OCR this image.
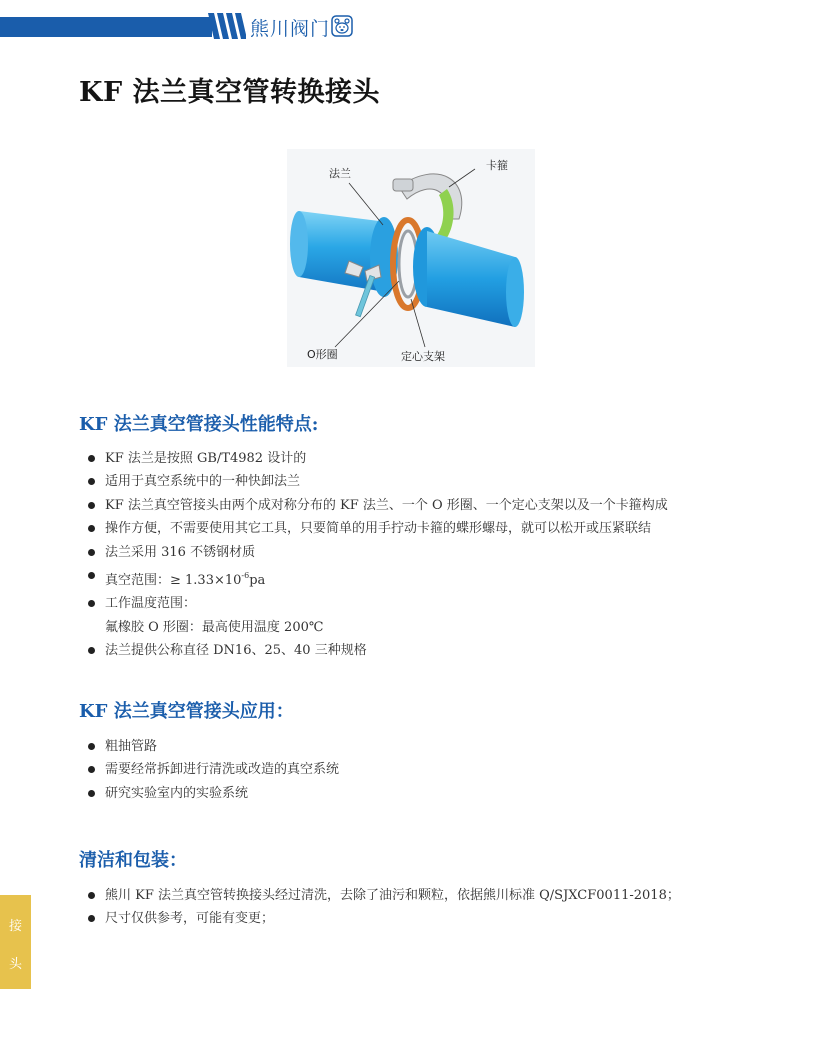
熊川阀门
KF 法兰真空管转换接头
法兰
卡箍
O形圈	定心支架
KF 法兰真空管接头性能特点:
KF 法兰是按照 GB/T4982 设计的
适用于真空系统中的一种快卸法兰
KF 法兰真空管接头由两个成对称分布的 KF 法兰、一个 O 形圈、一个定心支架以及一个卡箍构成
操作方便，不需要使用其它工具，只要简单的用手拧动卡箍的蝶形螺母，就可以松开或压紧联结
法兰采用 316 不锈钢材质
真空范围：≥ $1.33\times 10^{-6}pa$
工作温度范围：
氟橡胶 O 形圈：最高使用温度 200℃
法兰提供公称直径 DN16、25、40 三种规格
KF 法兰真空管接头应用：
粗抽管路
需要经常拆卸进行清洗或改造的真空系统
研究实验室内的实验系统
清洁和包装：
熊川 KF 法兰真空管转换接头经过清洗，去除了油污和颗粒，依据熊川标准 Q/SJXCF0011-2018；
尺寸仅供参考，可能有变更；
接
头
